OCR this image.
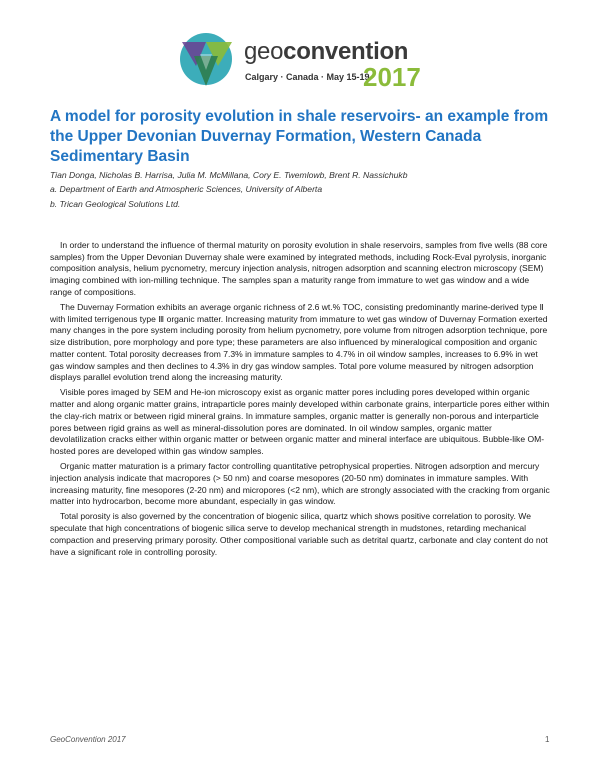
geoconvention
Calgary · Canada · May 15-19
2017
A model for porosity evolution in shale reservoirs- an example from the Upper Devonian Duvernay Formation, Western Canada Sedimentary Basin
Tian Donga, Nicholas B. Harrisa, Julia M. McMillana, Cory E. Twemlowb, Brent R. Nassichukb
a. Department of Earth and Atmospheric Sciences, University of Alberta
b. Trican Geological Solutions Ltd.

In order to understand the influence of thermal maturity on porosity evolution in shale reservoirs, samples from five wells (88 core samples) from the Upper Devonian Duvernay shale were examined by integrated methods, including Rock-Eval pyrolysis, inorganic composition analysis, helium pycnometry, mercury injection analysis, nitrogen adsorption and scanning electron microscopy (SEM) imaging combined with ion-milling technique. The samples span a maturity range from immature to wet gas window and a wide range of compositions.

The Duvernay Formation exhibits an average organic richness of 2.6 wt.% TOC, consisting predominantly marine-derived type Ⅱ with limited terrigenous type Ⅲ organic matter. Increasing maturity from immature to wet gas window of Duvernay Formation exerted many changes in the pore system including porosity from helium pycnometry, pore volume from nitrogen adsorption technique, pore size distribution, pore morphology and pore type; these parameters are also influenced by mineralogical composition and organic matter content. Total porosity decreases from 7.3% in immature samples to 4.7% in oil window samples, increases to 6.9% in wet gas window samples and then declines to 4.3% in dry gas window samples. Total pore volume measured by nitrogen adsorption displays parallel evolution trend along the increasing maturity.

Visible pores imaged by SEM and He-ion microscopy exist as organic matter pores including pores developed within organic matter and along organic matter grains, intraparticle pores mainly developed within carbonate grains, interparticle pores either within the clay-rich matrix or between rigid mineral grains. In immature samples, organic matter is generally non-porous and interparticle pores between rigid grains as well as mineral-dissolution pores are dominated. In oil window samples, organic matter devolatilization cracks either within organic matter or between organic matter and mineral interface are ubiquitous. Bubble-like OM-hosted pores are developed within gas window samples.

Organic matter maturation is a primary factor controlling quantitative petrophysical properties. Nitrogen adsorption and mercury injection analysis indicate that macropores (> 50 nm) and coarse mesopores (20-50 nm) dominates in immature samples. With increasing maturity, fine mesopores (2-20 nm) and micropores (<2 nm), which are strongly associated with the cracking from organic matter into hydrocarbon, become more abundant, especially in gas window.

Total porosity is also governed by the concentration of biogenic silica, quartz which shows positive correlation to porosity. We speculate that high concentrations of biogenic silica serve to develop mechanical strength in mudstones, retarding mechanical compaction and preserving primary porosity. Other compositional variable such as detrital quartz, carbonate and clay content do not have a significant role in controlling porosity.

GeoConvention 2017	1
